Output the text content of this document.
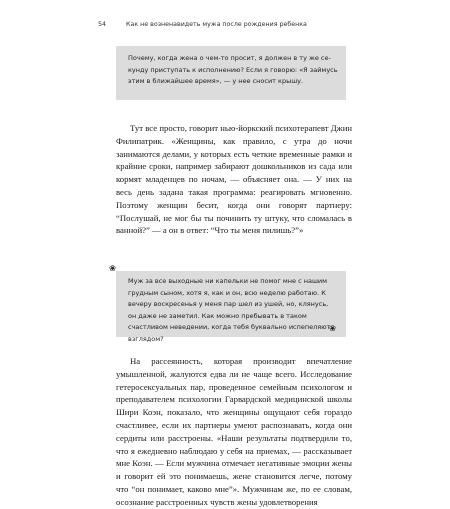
54	Как не возненавидеть мужа после рождения ребенка

Почему, когда жена о чем-то просит, я должен в ту же секунду приступать к исполнению? Если я говорю: «Я займусь этим в ближайшее время», — у нее сносит крышу.

Тут все просто, говорит нью-йоркский психотерапевт Джин Филипатрик. «Женщины, как правило, с утра до ночи занимаются делами, у которых есть четкие временные рамки и крайние сроки, например забирают дошкольников из сада или кормят младенцев по ночам, — объясняет она. — У них на весь день задана такая программа: реагировать мгновенно. Поэтому женщин бесит, когда они говорят партнеру: “Послушай, не мог бы ты починить ту штуку, что сломалась в ванной?” — а он в ответ: “Что ты меня пилишь?”»

❀

Муж за все выходные ни капельки не помог мне с нашим грудным сыном, хотя я, как и он, всю неделю работаю. К вечеру воскресенья у меня пар шел из ушей, но, клянусь, он даже не заметил. Как можно пребывать в таком счастливом неведении, когда тебя буквально испепеляют взглядом?

❀

На рассеянность, которая производит впечатление умышленной, жалуются едва ли не чаще всего. Исследование гетеросексуальных пар, проведенное семейным психологом и преподавателем психологии Гарвардской медицинской школы Шири Коэн, показало, что женщины ощущают себя гораздо счастливее, если их партнеры умеют распознавать, когда они сердиты или расстроены. «Наши результаты подтвердили то, что я ежедневно наблюдаю у себя на приемах, — рассказывает мне Коэн. — Если мужчина отмечает негативные эмоции жены и говорит ей это понимаешь, жене становится легче, потому что “он понимает, каково мне”». Мужчинам же, по ее словам, осознание расстроенных чувств жены удовлетворения
